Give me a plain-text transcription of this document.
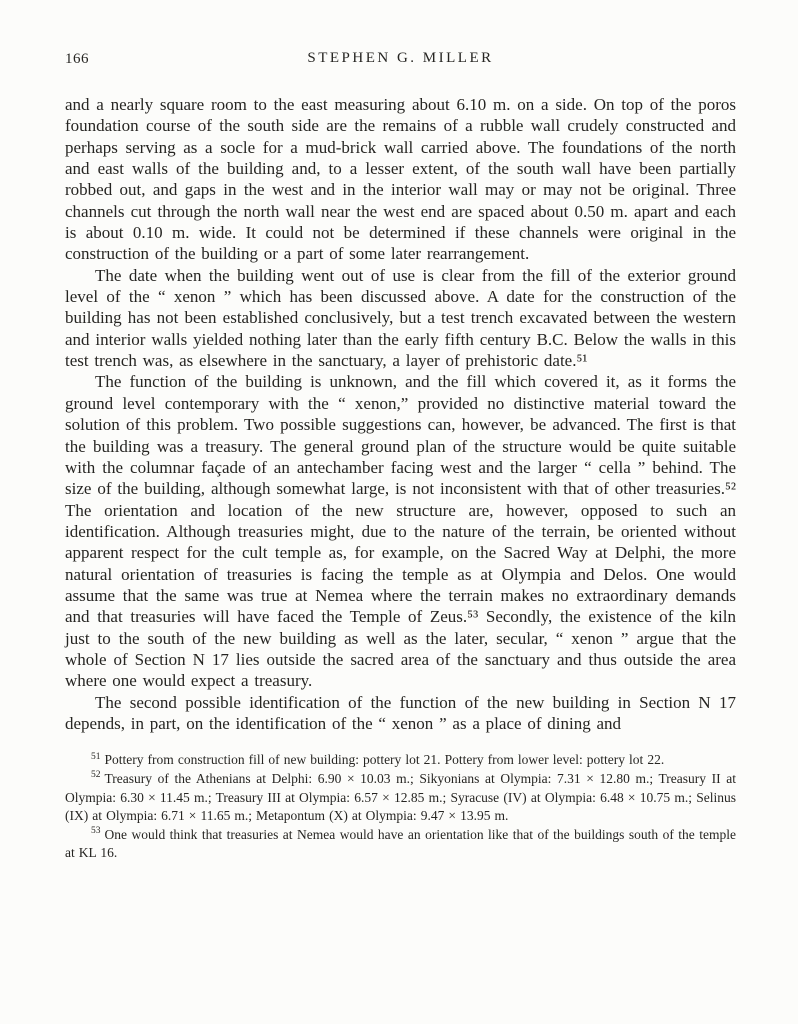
166	STEPHEN G. MILLER

and a nearly square room to the east measuring about 6.10 m. on a side. On top of the poros foundation course of the south side are the remains of a rubble wall crudely constructed and perhaps serving as a socle for a mud-brick wall carried above. The foundations of the north and east walls of the building and, to a lesser extent, of the south wall have been partially robbed out, and gaps in the west and in the interior wall may or may not be original. Three channels cut through the north wall near the west end are spaced about 0.50 m. apart and each is about 0.10 m. wide. It could not be determined if these channels were original in the construction of the building or a part of some later rearrangement.

The date when the building went out of use is clear from the fill of the exterior ground level of the “ xenon ” which has been discussed above. A date for the construction of the building has not been established conclusively, but a test trench excavated between the western and interior walls yielded nothing later than the early fifth century B.C. Below the walls in this test trench was, as elsewhere in the sanctuary, a layer of prehistoric date.⁵¹

The function of the building is unknown, and the fill which covered it, as it forms the ground level contemporary with the “ xenon,” provided no distinctive material toward the solution of this problem. Two possible suggestions can, however, be advanced. The first is that the building was a treasury. The general ground plan of the structure would be quite suitable with the columnar façade of an antechamber facing west and the larger “ cella ” behind. The size of the building, although somewhat large, is not inconsistent with that of other treasuries.⁵² The orientation and location of the new structure are, however, opposed to such an identification. Although treasuries might, due to the nature of the terrain, be oriented without apparent respect for the cult temple as, for example, on the Sacred Way at Delphi, the more natural orientation of treasuries is facing the temple as at Olympia and Delos. One would assume that the same was true at Nemea where the terrain makes no extraordinary demands and that treasuries will have faced the Temple of Zeus.⁵³ Secondly, the existence of the kiln just to the south of the new building as well as the later, secular, “ xenon ” argue that the whole of Section N 17 lies outside the sacred area of the sanctuary and thus outside the area where one would expect a treasury.

The second possible identification of the function of the new building in Section N 17 depends, in part, on the identification of the “ xenon ” as a place of dining and

$^{51}$ Pottery from construction fill of new building: pottery lot 21. Pottery from lower level: pottery lot 22.

$^{52}$ Treasury of the Athenians at Delphi: 6.90 × 10.03 m.; Sikyonians at Olympia: 7.31 × 12.80 m.; Treasury II at Olympia: 6.30 × 11.45 m.; Treasury III at Olympia: 6.57 × 12.85 m.; Syracuse (IV) at Olympia: 6.48 × 10.75 m.; Selinus (IX) at Olympia: 6.71 × 11.65 m.; Metapontum (X) at Olympia: 9.47 × 13.95 m.

$^{53}$ One would think that treasuries at Nemea would have an orientation like that of the buildings south of the temple at KL 16.
